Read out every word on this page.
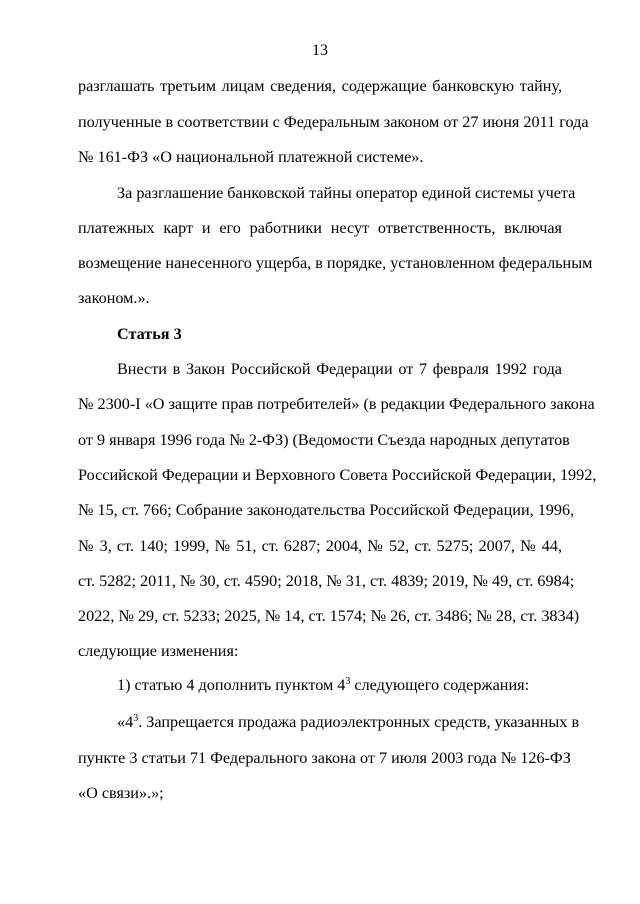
13
разглашать третьим лицам сведения, содержащие банковскую тайну,
полученные в соответствии с Федеральным законом от 27 июня 2011 года
№ 161-ФЗ «О национальной платежной системе».
За разглашение банковской тайны оператор единой системы учета
платежных карт и его работники несут ответственность, включая
возмещение нанесенного ущерба, в порядке, установленном федеральным
законом.».
Статья 3
Внести в Закон Российской Федерации от 7 февраля 1992 года
№ 2300-I «О защите прав потребителей» (в редакции Федерального закона
от 9 января 1996 года № 2-ФЗ) (Ведомости Съезда народных депутатов
Российской Федерации и Верховного Совета Российской Федерации, 1992,
№ 15, ст. 766; Собрание законодательства Российской Федерации, 1996,
№ 3, ст. 140; 1999, № 51, ст. 6287; 2004, № 52, ст. 5275; 2007, № 44,
ст. 5282; 2011, № 30, ст. 4590; 2018, № 31, ст. 4839; 2019, № 49, ст. 6984;
2022, № 29, ст. 5233; 2025, № 14, ст. 1574; № 26, ст. 3486; № 28, ст. 3834)
следующие изменения:
1) статью 4 дополнить пунктом $4^3$ следующего содержания:
«$4^3$. Запрещается продажа радиоэлектронных средств, указанных в
пункте 3 статьи 71 Федерального закона от 7 июля 2003 года № 126-ФЗ
«О связи».»;
